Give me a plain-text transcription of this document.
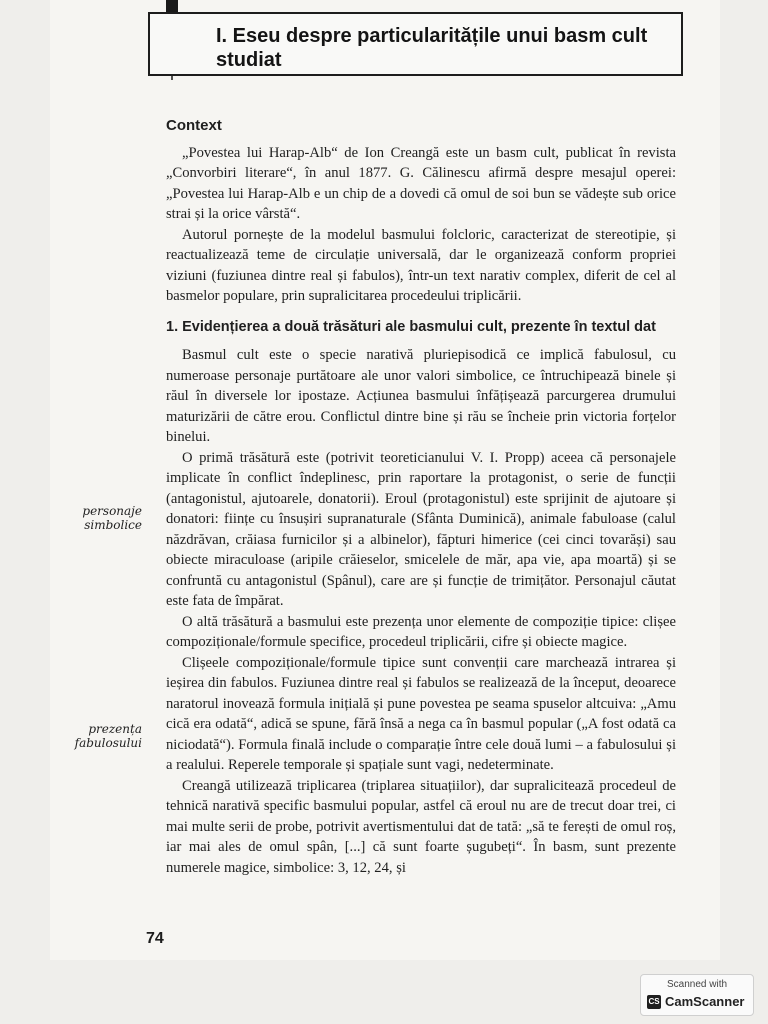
I. Eseu despre particularitățile unui basm cult studiat
Context

„Povestea lui Harap-Alb“ de Ion Creangă este un basm cult, publicat în revista „Convorbiri literare“, în anul 1877. G. Călinescu afirmă despre mesajul operei: „Povestea lui Harap-Alb e un chip de a dovedi că omul de soi bun se vădește sub orice strai și la orice vârstă“.

Autorul pornește de la modelul basmului folcloric, caracterizat de stereotipie, și reactualizează teme de circulație universală, dar le organizează conform propriei viziuni (fuziunea dintre real și fabulos), într-un text narativ complex, diferit de cel al basmelor populare, prin supralicitarea procedeului triplicării.

1. Evidențierea a două trăsături ale basmului cult, prezente în textul dat

Basmul cult este o specie narativă pluriepisodică ce implică fabulosul, cu numeroase personaje purtătoare ale unor valori simbolice, ce întruchipează binele și răul în diversele lor ipostaze. Acțiunea basmului înfățișează parcurgerea drumului maturizării de către erou. Conflictul dintre bine și rău se încheie prin victoria forțelor binelui.

O primă trăsătură este (potrivit teoreticianului V. I. Propp) aceea că personajele implicate în conflict îndeplinesc, prin raportare la protagonist, o serie de funcții (antagonistul, ajutoarele, donatorii). Eroul (protagonistul) este sprijinit de ajutoare și donatori: ființe cu însușiri supranaturale (Sfânta Duminică), animale fabuloase (calul năzdrăvan, crăiasa furnicilor și a albinelor), făpturi himerice (cei cinci tovarăși) sau obiecte miraculoase (aripile crăieselor, smicelele de măr, apa vie, apa moartă) și se confruntă cu antagonistul (Spânul), care are și funcție de trimițător. Personajul căutat este fata de împărat.

O altă trăsătură a basmului este prezența unor elemente de compoziție tipice: clișee compoziționale/formule specifice, procedeul triplicării, cifre și obiecte magice.

Clișeele compoziționale/formule tipice sunt convenții care marchează intrarea și ieșirea din fabulos. Fuziunea dintre real și fabulos se realizează de la început, deoarece naratorul inovează formula inițială și pune povestea pe seama spuselor altcuiva: „Amu cică era odată“, adică se spune, fără însă a nega ca în basmul popular („A fost odată ca niciodată“). Formula finală include o comparație între cele două lumi – a fabulosului și a realului. Reperele temporale și spațiale sunt vagi, nedeterminate.

Creangă utilizează triplicarea (triplarea situațiilor), dar supralicitează procedeul de tehnică narativă specific basmului popular, astfel că eroul nu are de trecut doar trei, ci mai multe serii de probe, potrivit avertismentului dat de tată: „să te ferești de omul roș, iar mai ales de omul spân, [...] că sunt foarte șugubeți“. În basm, sunt prezente numerele magice, simbolice: 3, 12, 24, și

personaje simbolice
prezența fabulosului
74
Scanned with
CS CamScanner
